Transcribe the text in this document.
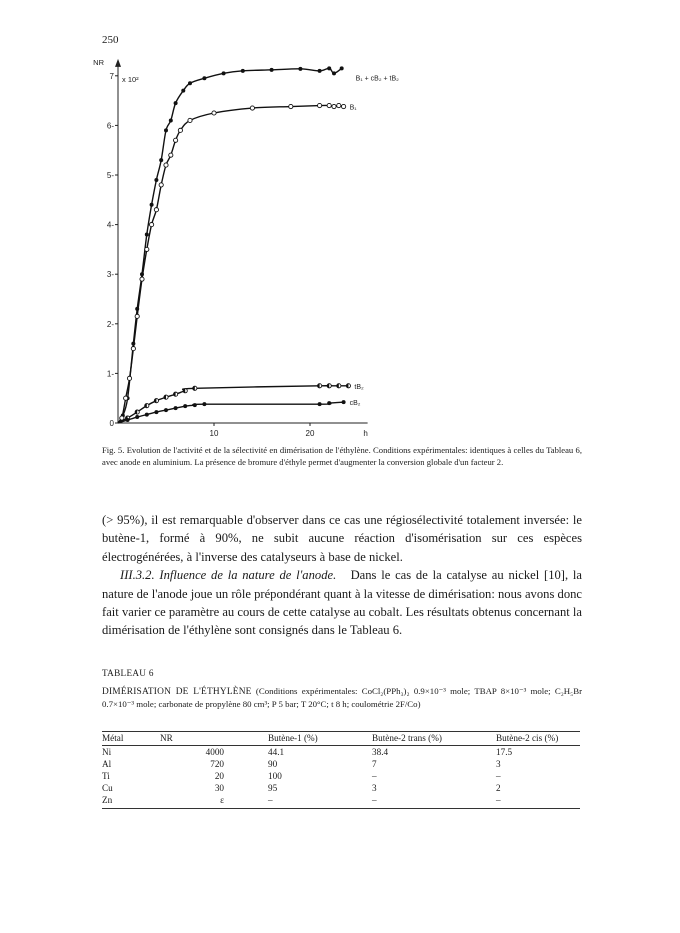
250
0
1-
2-
3-
4-
5-
6-
7
10	20
NR
x 10²
h
B₁ + cB₂ + tB₂
B₁
tB₂
cB₂
Fig. 5. Evolution de l'activité et de la sélectivité en dimérisation de l'éthylène. Conditions expérimentales: identiques à celles du Tableau 6, avec anode en aluminium. La présence de bromure d'éthyle permet d'augmenter la conversion globale d'un facteur 2.

(> 95%), il est remarquable d'observer dans ce cas une régiosélectivité totalement inversée: le butène-1, formé à 90%, ne subit aucune réaction d'isomérisation sur ces espèces électrogénérées, à l'inverse des catalyseurs à base de nickel.

III.3.2. Influence de la nature de l'anode. Dans le cas de la catalyse au nickel [10], la nature de l'anode joue un rôle prépondérant quant à la vitesse de dimérisation: nous avons donc fait varier ce paramètre au cours de cette catalyse au cobalt. Les résultats obtenus concernant la dimérisation de l'éthylène sont consignés dans le Tableau 6.

TABLEAU 6
DIMÉRISATION DE L'ÉTHYLÈNE (Conditions expérimentales: CoCl₂(PPh₃)₂ 0.9×10⁻³ mole; TBAP 8×10⁻³ mole; C₂H₅Br 0.7×10⁻³ mole; carbonate de propylène 80 cm³; P 5 bar; T 20°C; t 8 h; coulométrie 2F/Co)
Métal	NR	Butène-1 (%)	Butène-2 trans (%)	Butène-2 cis (%)
Ni	4000	44.1	38.4	17.5
Al	720	90	7	3
Ti	20	100	–	–
Cu	30	95	3	2
Zn	ε	–	–	–
